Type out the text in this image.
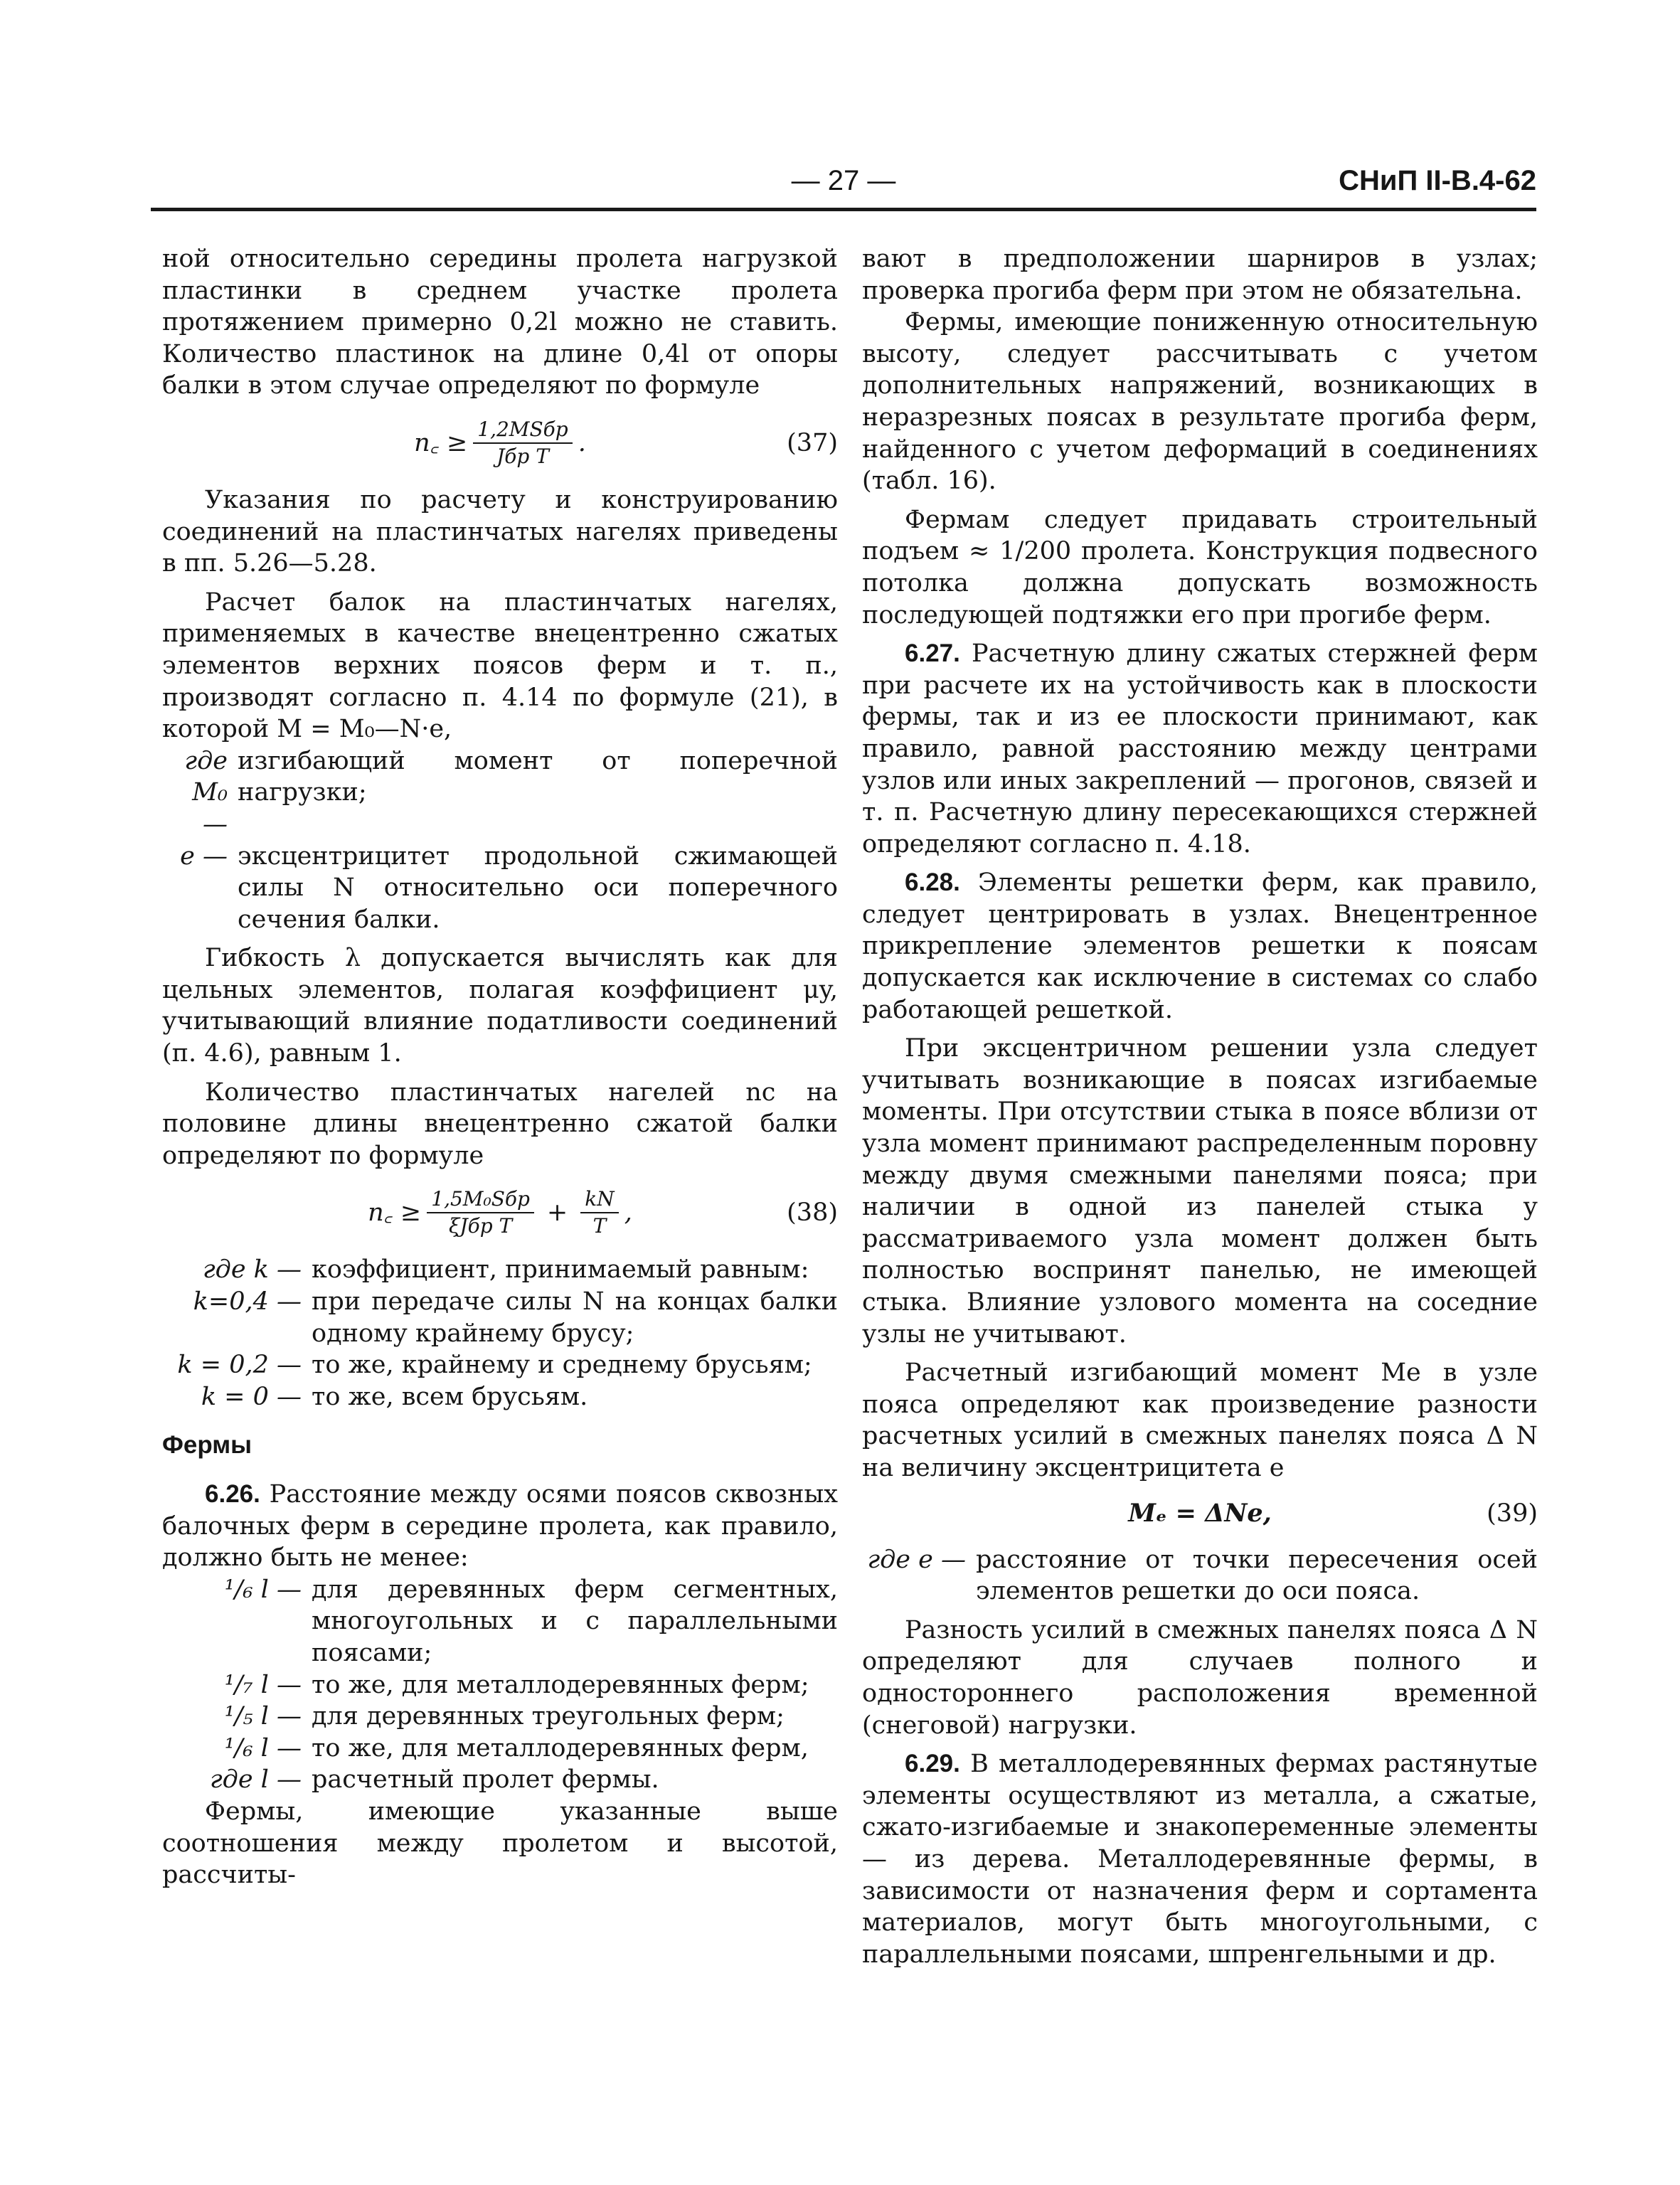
— 27 —	СНиП II-В.4-62

ной относительно середины пролета нагрузкой пластинки в среднем участке пролета протяжением примерно 0,2l можно не ставить. Количество пластинок на длине 0,4l от опоры балки в этом случае определяют по формуле

n꜀ ≥ $\frac{\text{1,2MSбр}}{\text{Jбр T}}$ .	(37)

Указания по расчету и конструированию соединений на пластинчатых нагелях приведены в пп. 5.26—5.28.

Расчет балок на пластинчатых нагелях, применяемых в качестве внецентренно сжатых элементов верхних поясов ферм и т. п., производят согласно п. 4.14 по формуле (21), в которой M = M₀—N·e,

где M₀ —
изгибающий момент от поперечной нагрузки;
e — эксцентрицитет продольной сжимающей силы N относительно оси поперечного сечения балки.

Гибкость λ допускается вычислять как для цельных элементов, полагая коэффициент μy, учитывающий влияние податливости соединений (п. 4.6), равным 1.

Количество пластинчатых нагелей nс на половине длины внецентренно сжатой балки определяют по формуле

n꜀ ≥ $\frac{\text{1,5M₀Sбр}}{\text{ξJбр T}} + \frac{kN}{T}$ ,	(38)
где k — коэффициент, принимаемый равным:
k=0,4 — при передаче силы N на концах балки одному крайнему брусу;
k = 0,2 — то же, крайнему и среднему брусьям;
k = 0 — то же, всем брусьям.

Фермы

6.26. Расстояние между осями поясов сквозных балочных ферм в середине пролета, как правило, должно быть не менее:

¹/₆ l — для деревянных ферм сегментных, многоугольных и с параллельными поясами;
¹/₇ l — то же, для металлодеревянных ферм;
¹/₅ l — для деревянных треугольных ферм;
¹/₆ l — то же, для металлодеревянных ферм,
где l — расчетный пролет фермы.

Фермы, имеющие указанные выше соотношения между пролетом и высотой, рассчиты-

вают в предположении шарниров в узлах; проверка прогиба ферм при этом не обязательна.

Фермы, имеющие пониженную относительную высоту, следует рассчитывать с учетом дополнительных напряжений, возникающих в неразрезных поясах в результате прогиба ферм, найденного с учетом деформаций в соединениях (табл. 16).

Фермам следует придавать строительный подъем ≈ 1/200 пролета. Конструкция подвесного потолка должна допускать возможность последующей подтяжки его при прогибе ферм.

6.27. Расчетную длину сжатых стержней ферм при расчете их на устойчивость как в плоскости фермы, так и из ее плоскости принимают, как правило, равной расстоянию между центрами узлов или иных закреплений — прогонов, связей и т. п. Расчетную длину пересекающихся стержней определяют согласно п. 4.18.

6.28. Элементы решетки ферм, как правило, следует центрировать в узлах. Внецентренное прикрепление элементов решетки к поясам допускается как исключение в системах со слабо работающей решеткой.

При эксцентричном решении узла следует учитывать возникающие в поясах изгибаемые моменты. При отсутствии стыка в поясе вблизи от узла момент принимают распределенным поровну между двумя смежными панелями пояса; при наличии в одной из панелей стыка у рассматриваемого узла момент должен быть полностью воспринят панелью, не имеющей стыка. Влияние узлового момента на соседние узлы не учитывают.

Расчетный изгибающий момент Mе в узле пояса определяют как произведение разности расчетных усилий в смежных панелях пояса Δ N на величину эксцентрицитета e

Mₑ = ΔNe,	(39)
где e — расстояние от точки пересечения осей элементов решетки до оси пояса.

Разность усилий в смежных панелях пояса Δ N определяют для случаев полного и одностороннего расположения временной (снеговой) нагрузки.

6.29. В металлодеревянных фермах растянутые элементы осуществляют из металла, а сжатые, сжато-изгибаемые и знакопеременные элементы — из дерева. Металлодеревянные фермы, в зависимости от назначения ферм и сортамента материалов, могут быть многоугольными, с параллельными поясами, шпренгельными и др.
